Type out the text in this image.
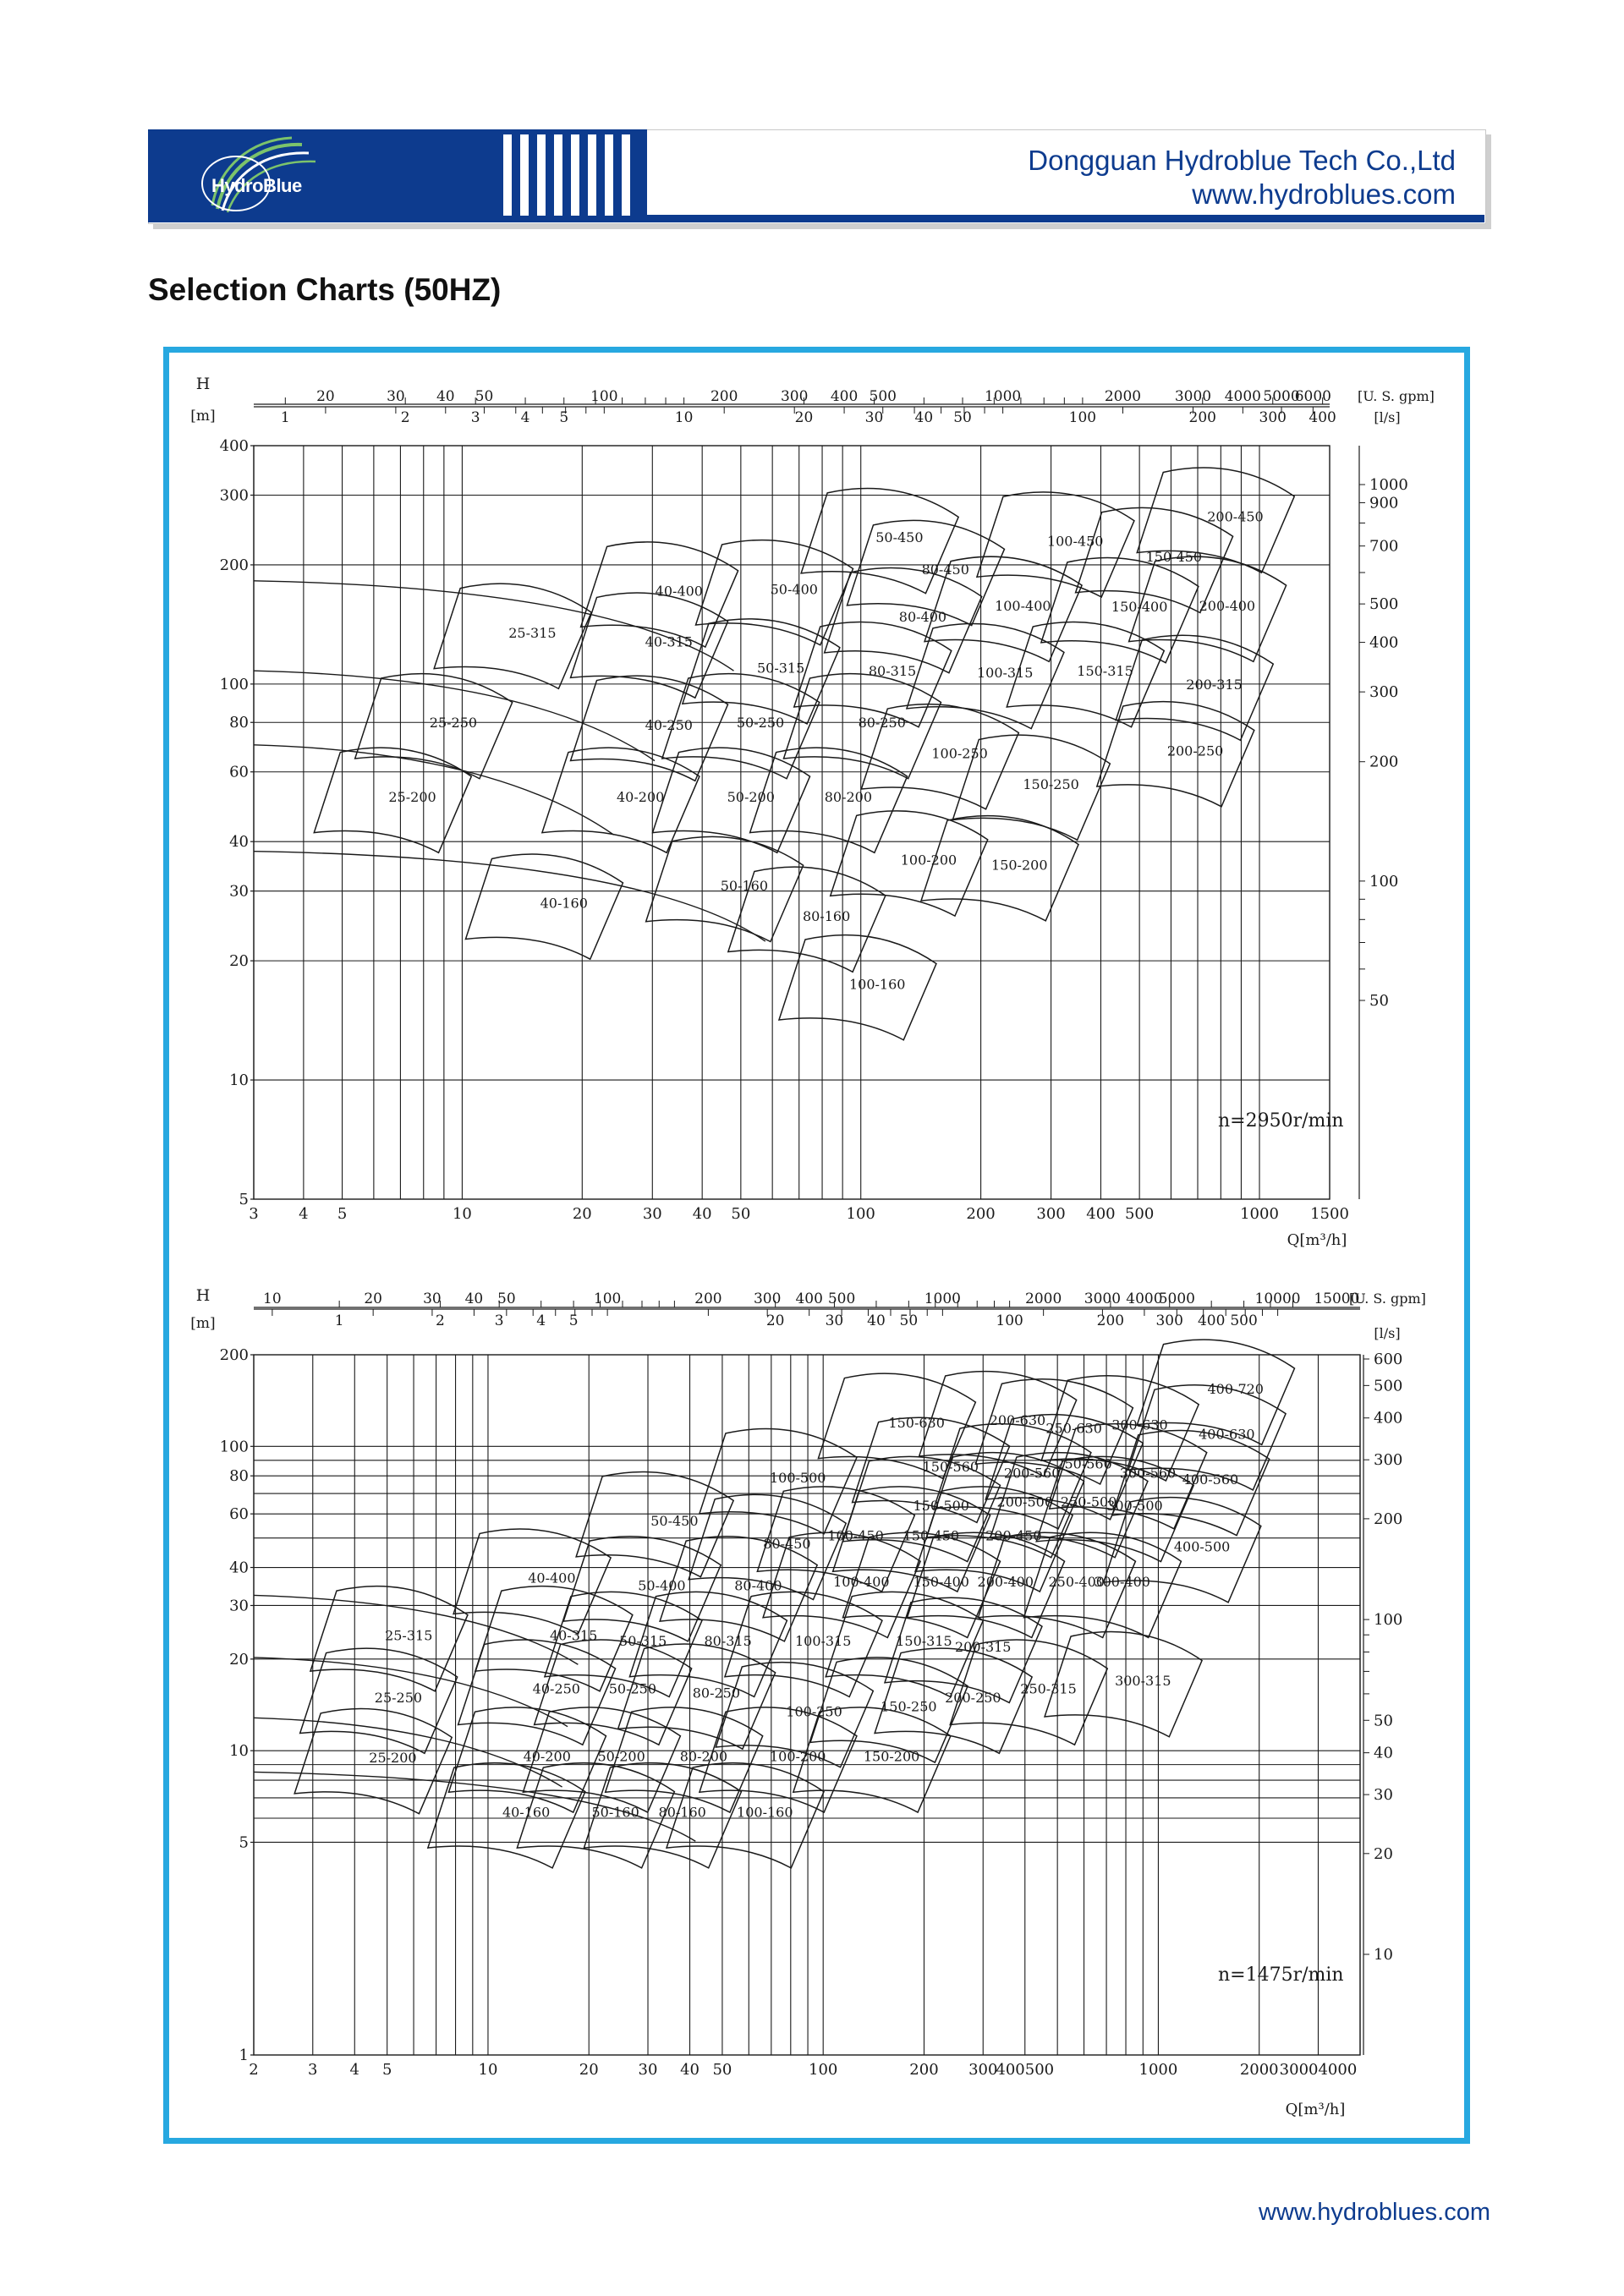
HydroBlue
Dongguan Hydroblue Tech Co.,Ltd
www.hydroblues.com
Selection Charts (50HZ)
5
10
20
30
40
60
80
100
200
300
400
H
[m]
3	4 5	10	20	30 40 50	100	200	300 400 500	1000 1500
Q[m³/h]
20	30 40 50	100	200	300 400 500	1000	2000 3000 4000 5000
6000 [U. S. gpm]
1	2	3	4 5	10	20	30 40 50	100	200	300 400	[l/s]
1000
900
700
500
400
300
200
100
50
25-200
25-250
25-315
40-160
40-200
40-250
40-315
40-400
50-160
50-200
50-250
50-315
50-400
50-450
80-160
80-200
80-250
80-315
80-400
80-450
100-160
100-200
100-250
100-315
100-400
100-450
150-200
150-250
150-315
150-400
150-450
200-250
200-315
200-400
200-450
n=2950r/min
1
5
10
20
30
40
60
80
100
200
H
[m]
2	3 4 5	10	20	30 40 50	100	200 300
400500	1000	2000 30004000
Q[m³/h]
10	20	30 40 50	100	200 300 400 500	1000	2000 3000 4000
5000	10000 15000
[U. S. gpm]
1	2	3 4 5	20	30 40 50	100	200 300 400 500
[l/s]
600
500
400
300
200
100
50
40
30
20
10
25-200
25-250
25-315
40-160
40-200
40-250
40-315
40-400
50-160
50-200
50-250
50-315
50-400
50-450
80-160
80-200
80-250
80-315
80-400
80-450
100-160
100-200
100-250
100-315
100-400
100-450
100-500
150-200
150-250
150-315
150-400
150-450
150-500
150-560
150-630
200-250
200-315
200-400
200-450
200-500
200-560
200-630
250-315
250-400
250-500
250-560
250-630
300-315
300-400
300-500
300-560
300-630
400-500
400-560
400-630
400-720
n=1475r/min
www.hydroblues.com
